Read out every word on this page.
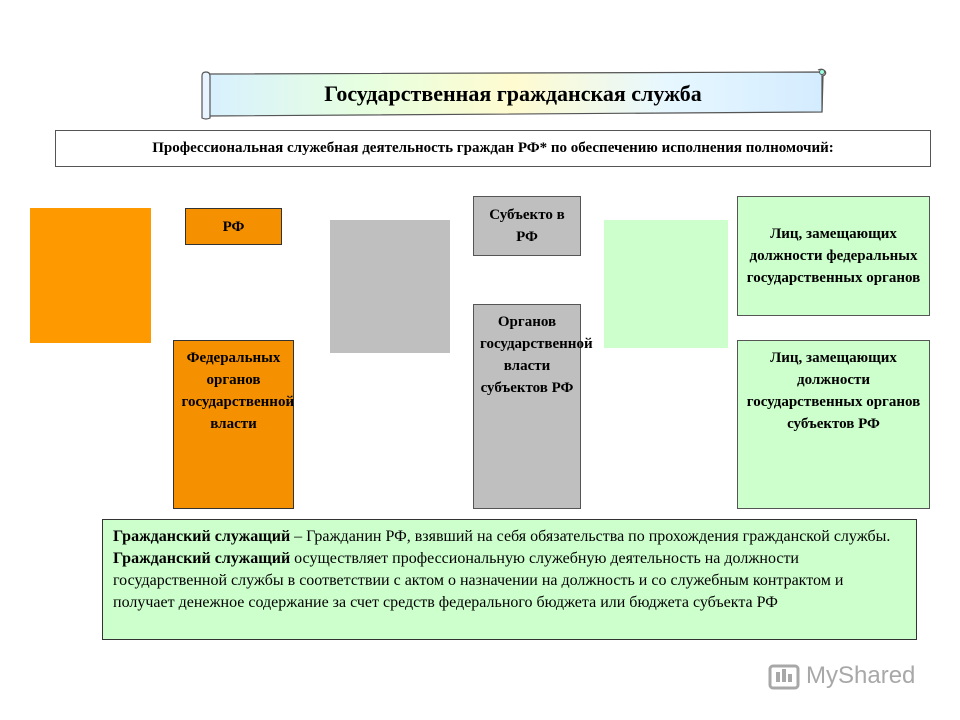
Государственная гражданская служба
Профессиональная служебная деятельность граждан РФ* по обеспечению исполнения полномочий:
РФ
Федеральных органов государственной власти
Субъекто в РФ
Органов государственной власти субъектов РФ
Лиц, замещающих должности федеральных государственных органов
Лиц, замещающих должности государственных органов субъектов РФ
Гражданский служащий – Гражданин РФ, взявший на себя обязательства по прохождения гражданской службы. Гражданский служащий осуществляет профессиональную служебную деятельность на должности государственной службы в соответствии с актом о назначении на должность и со служебным контрактом и получает денежное содержание за счет средств федерального бюджета или бюджета субъекта РФ
MyShared
